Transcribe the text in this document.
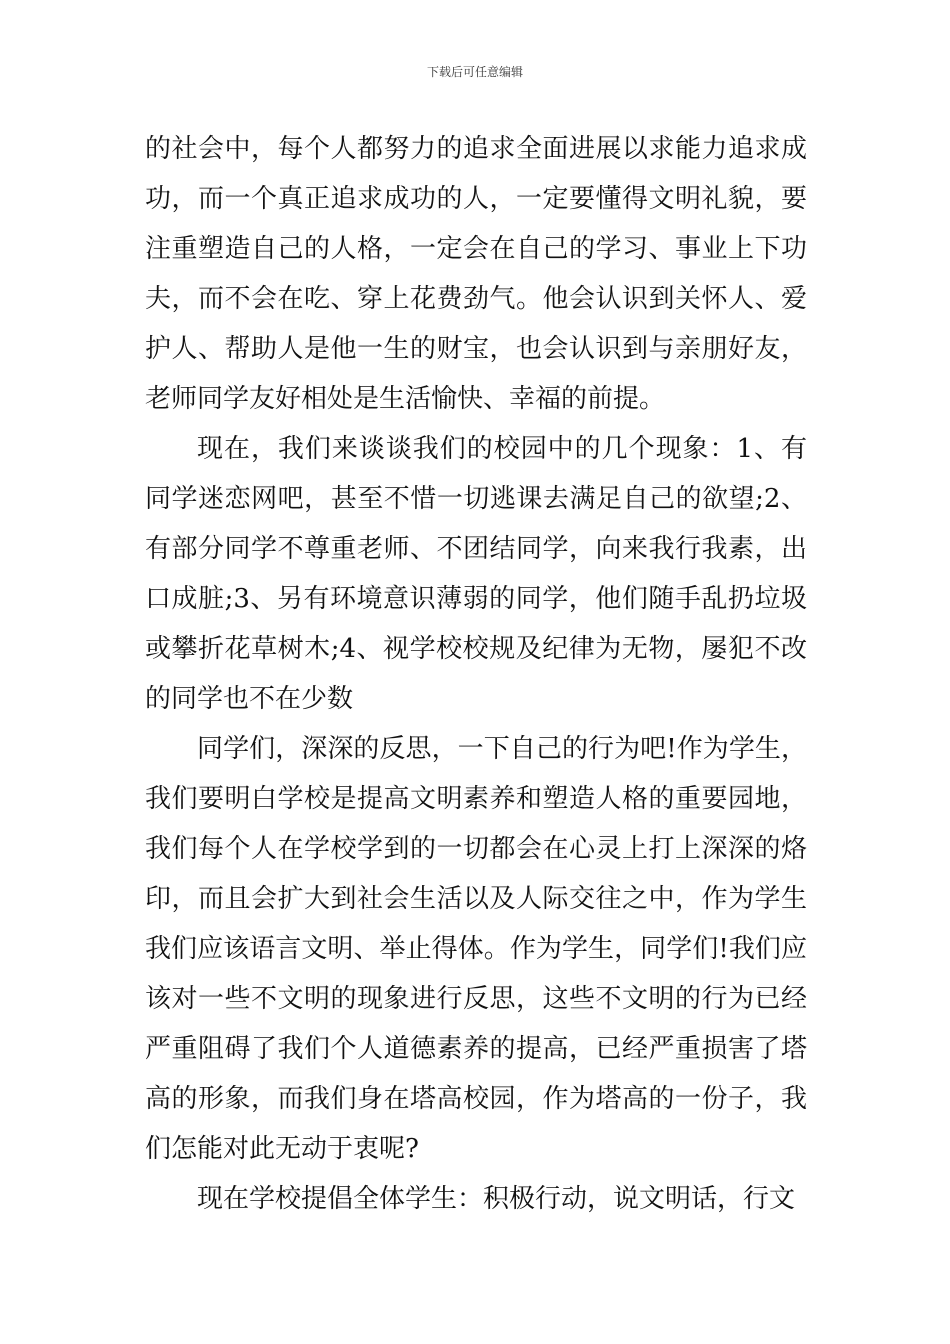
下载后可任意编辑

的社会中，每个人都努力的追求全面进展以求能力追求成功，而一个真正追求成功的人，一定要懂得文明礼貌，要注重塑造自己的人格，一定会在自己的学习、事业上下功夫，而不会在吃、穿上花费劲气。他会认识到关怀人、爱护人、帮助人是他一生的财宝，也会认识到与亲朋好友，老师同学友好相处是生活愉快、幸福的前提。

现在，我们来谈谈我们的校园中的几个现象：1、有同学迷恋网吧，甚至不惜一切逃课去满足自己的欲望;2、有部分同学不尊重老师、不团结同学，向来我行我素，出口成脏;3、另有环境意识薄弱的同学，他们随手乱扔垃圾或攀折花草树木;4、视学校校规及纪律为无物，屡犯不改的同学也不在少数

同学们，深深的反思，一下自己的行为吧!作为学生，我们要明白学校是提高文明素养和塑造人格的重要园地，我们每个人在学校学到的一切都会在心灵上打上深深的烙印，而且会扩大到社会生活以及人际交往之中，作为学生我们应该语言文明、举止得体。作为学生，同学们!我们应该对一些不文明的现象进行反思，这些不文明的行为已经严重阻碍了我们个人道德素养的提高，已经严重损害了塔高的形象，而我们身在塔高校园，作为塔高的一份子，我们怎能对此无动于衷呢?

现在学校提倡全体学生：积极行动，说文明话，行文
